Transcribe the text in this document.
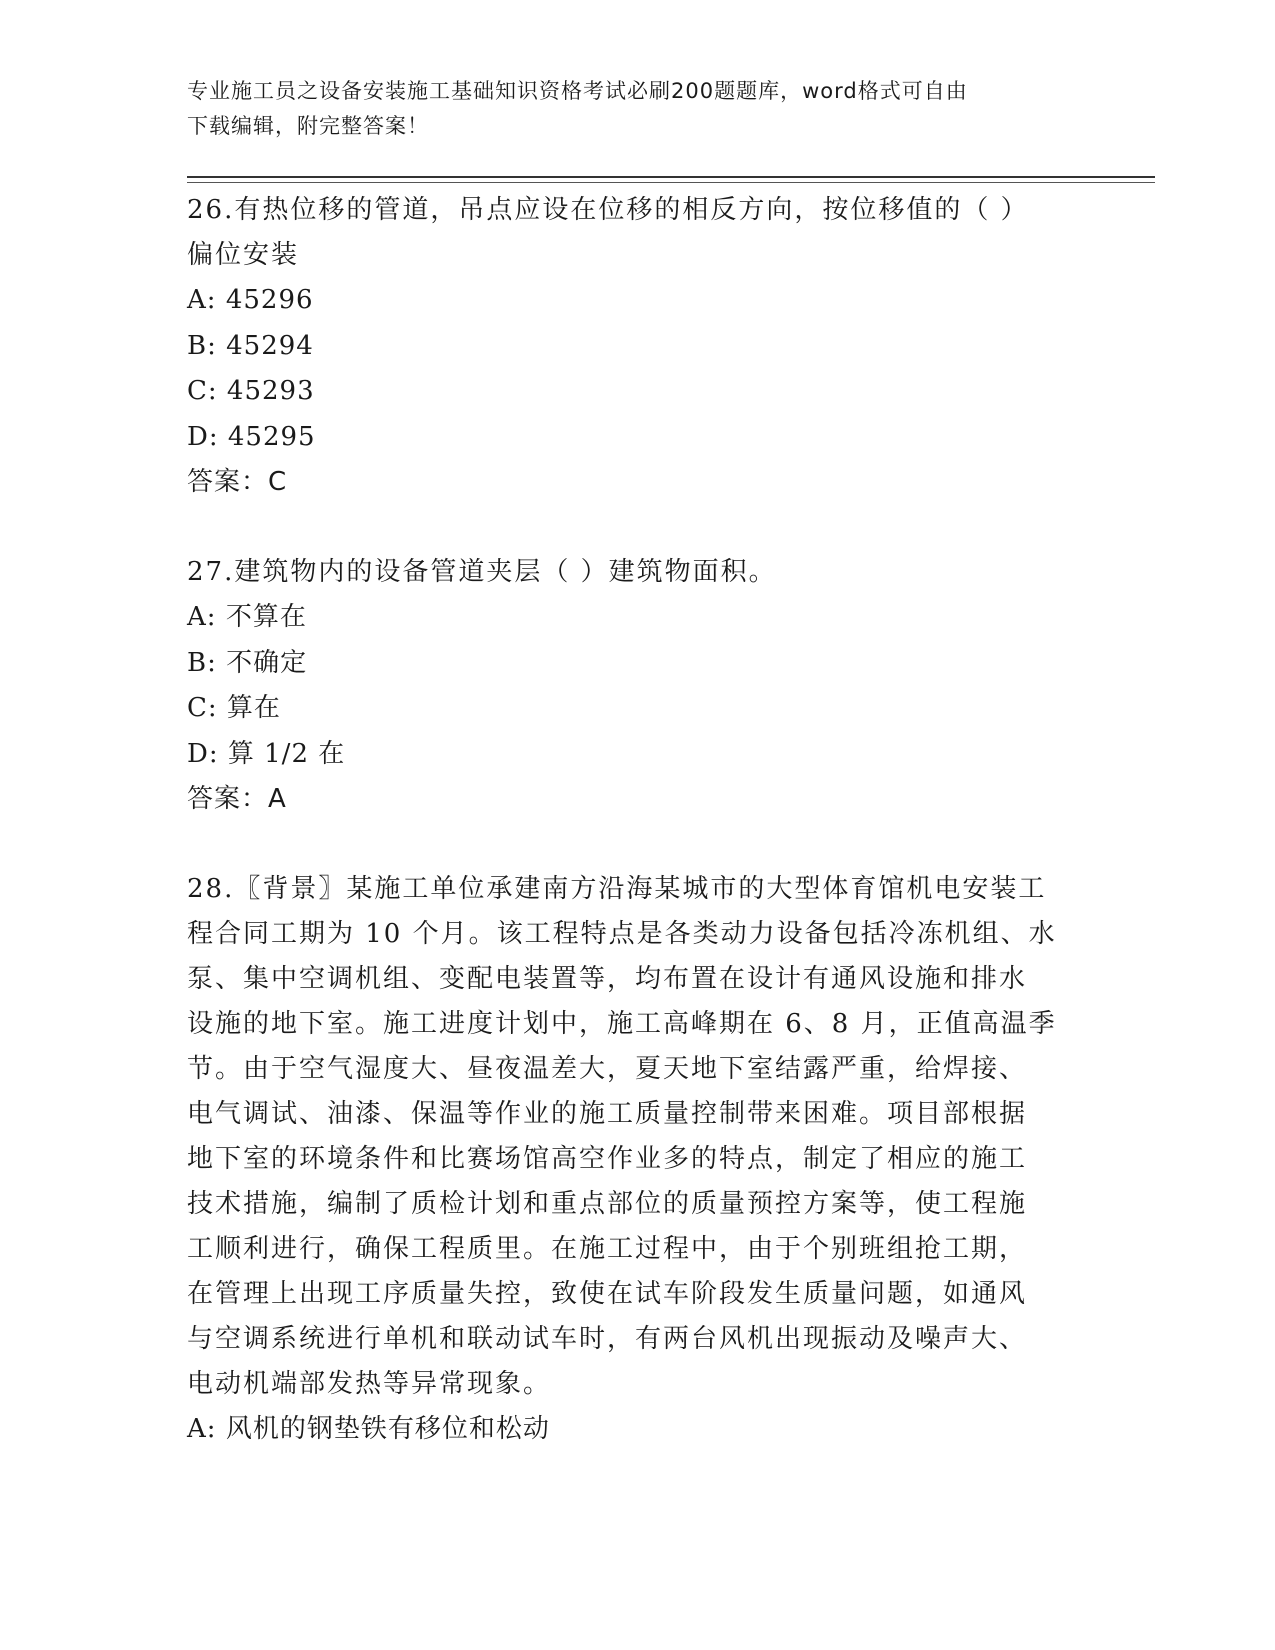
专业施工员之设备安装施工基础知识资格考试必刷200题题库，word格式可自由
下载编辑，附完整答案！

26.有热位移的管道，吊点应设在位移的相反方向，按位移值的（ ）

偏位安装

A: 45296

B: 45294

C: 45293

D: 45295

答案：C

27.建筑物内的设备管道夹层（ ）建筑物面积。

A: 不算在

B: 不确定

C: 算在

D: 算 1/2 在

答案：A

28.〖背景〗某施工单位承建南方沿海某城市的大型体育馆机电安装工

程合同工期为 10 个月。该工程特点是各类动力设备包括冷冻机组、水

泵、集中空调机组、变配电装置等，均布置在设计有通风设施和排水

设施的地下室。施工进度计划中，施工高峰期在 6、8 月，正值高温季

节。由于空气湿度大、昼夜温差大，夏天地下室结露严重，给焊接、

电气调试、油漆、保温等作业的施工质量控制带来困难。项目部根据

地下室的环境条件和比赛场馆高空作业多的特点，制定了相应的施工

技术措施，编制了质检计划和重点部位的质量预控方案等，使工程施

工顺利进行，确保工程质里。在施工过程中，由于个别班组抢工期，

在管理上出现工序质量失控，致使在试车阶段发生质量问题，如通风

与空调系统进行单机和联动试车时，有两台风机出现振动及噪声大、

电动机端部发热等异常现象。

A: 风机的钢垫铁有移位和松动
